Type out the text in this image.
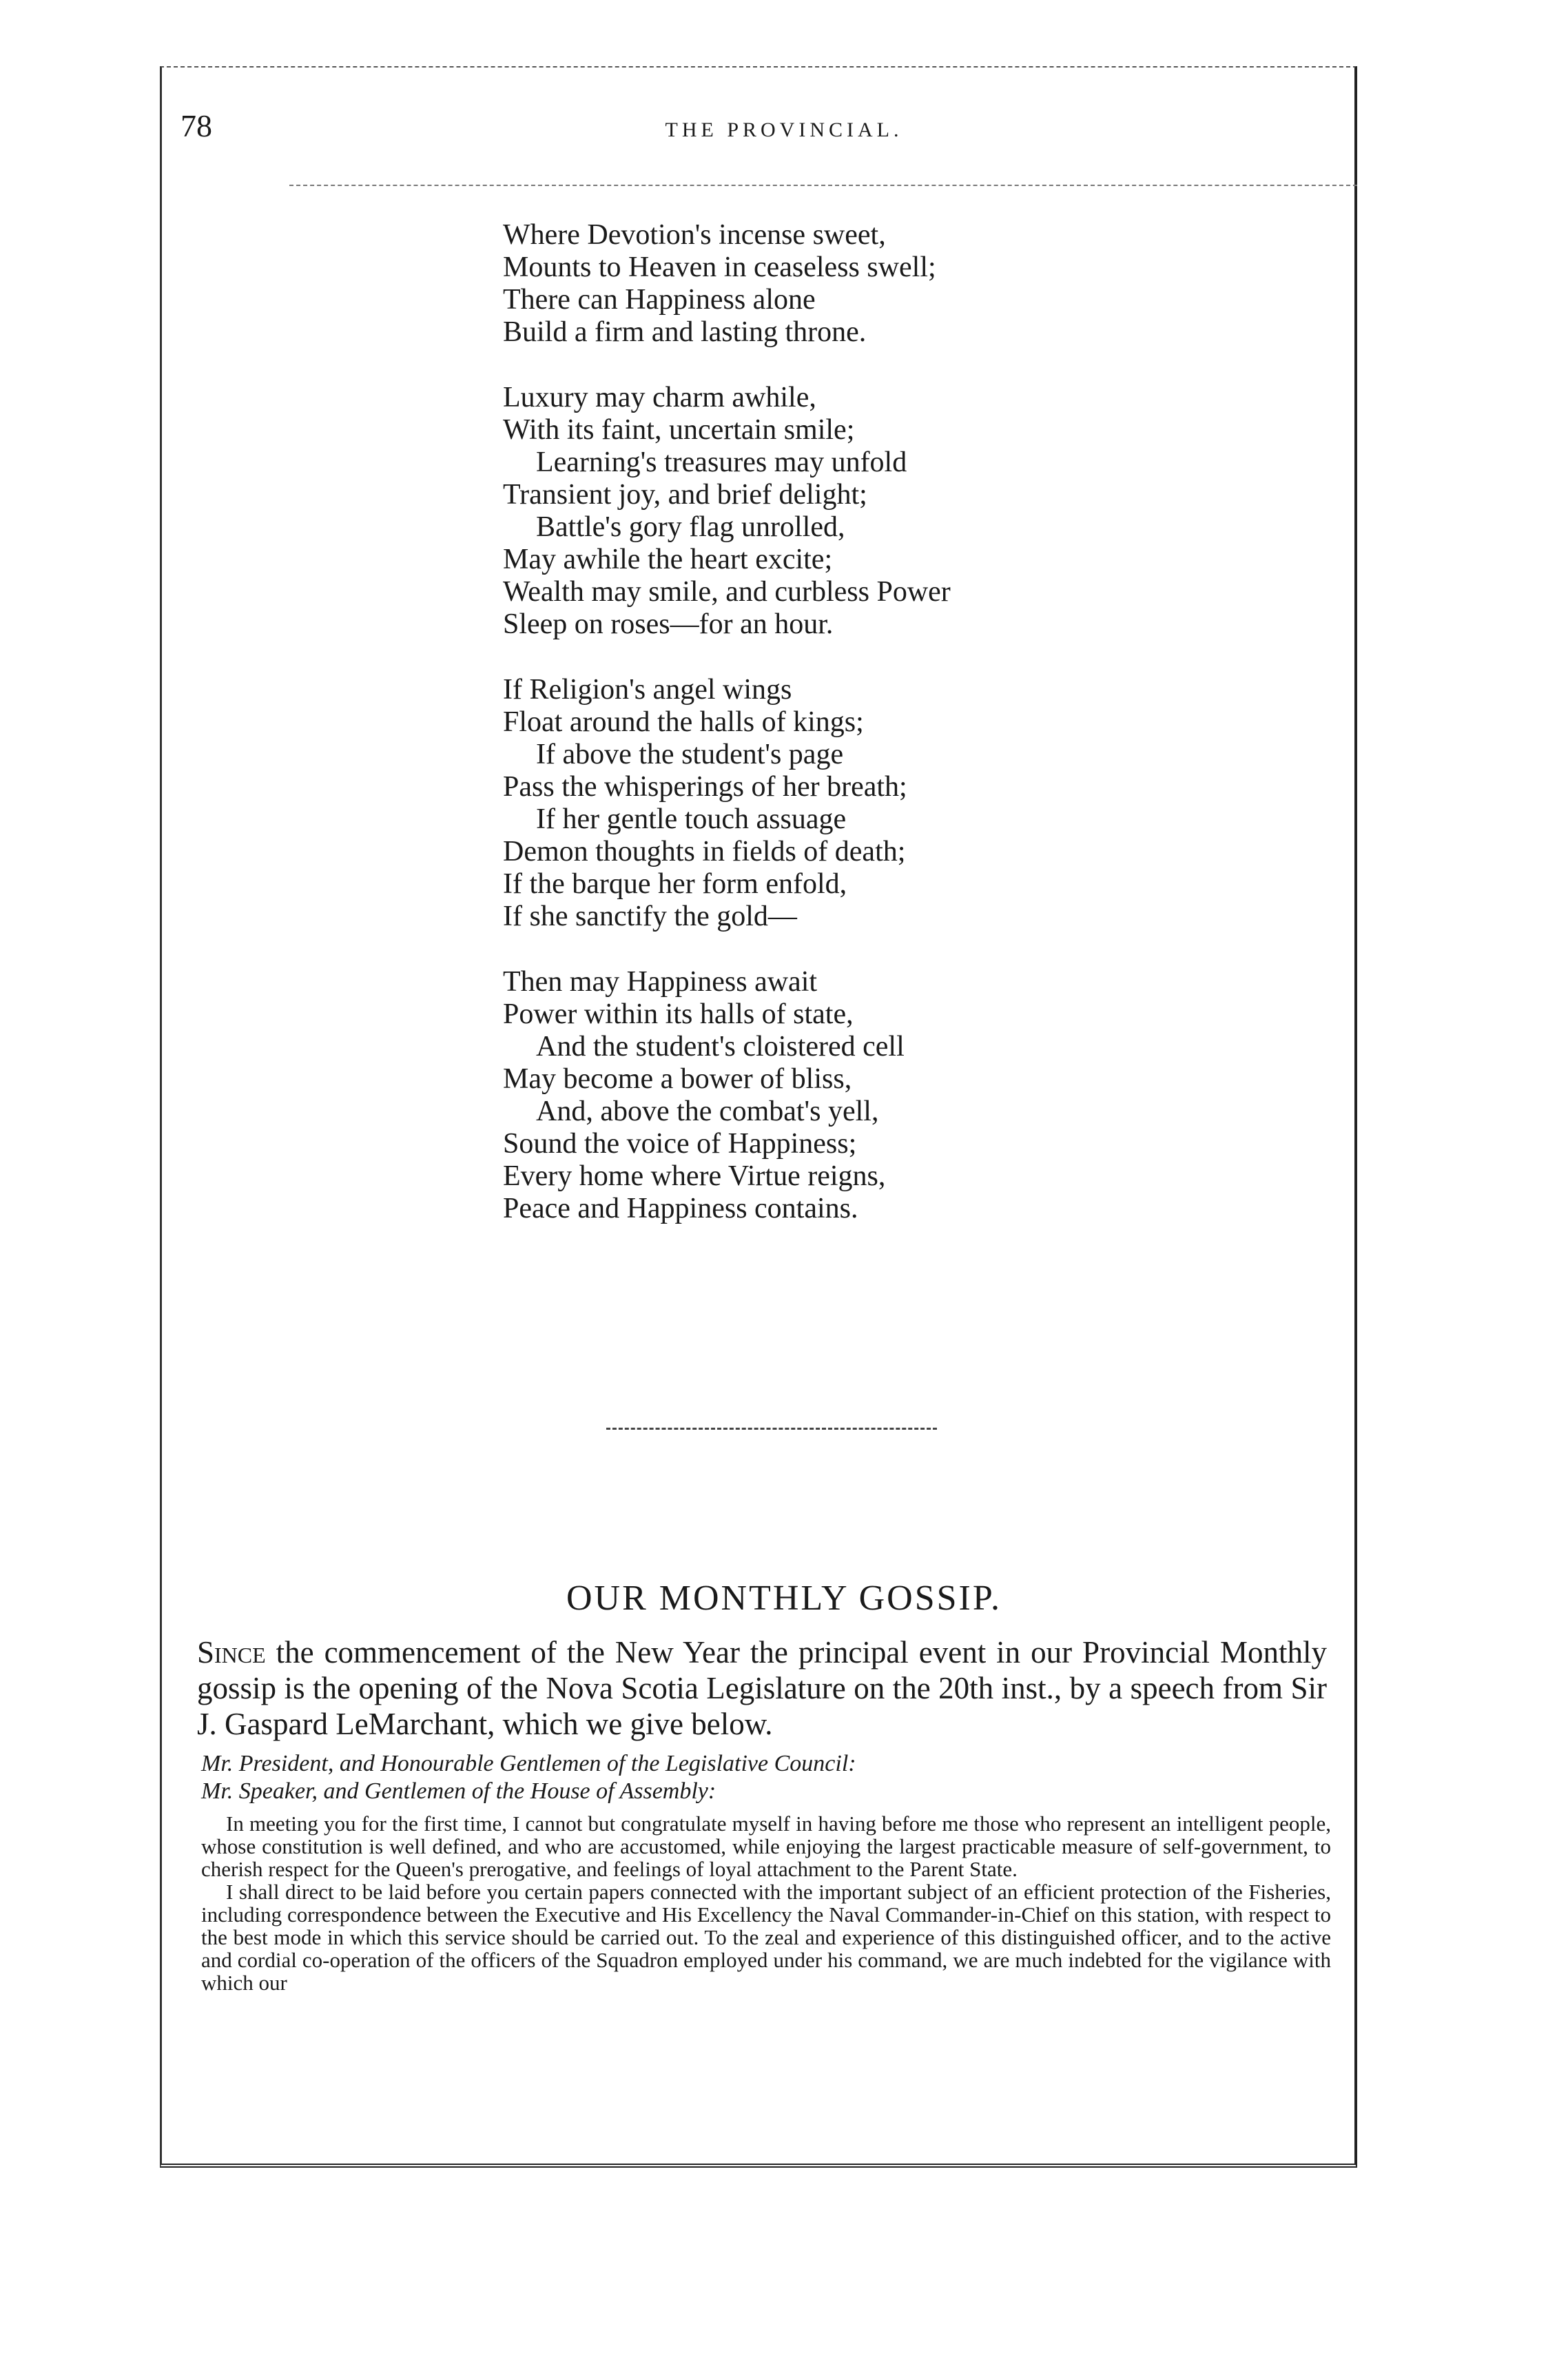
78	THE PROVINCIAL.
Where Devotion's incense sweet,
Mounts to Heaven in ceaseless swell;
There can Happiness alone
Build a firm and lasting throne.
Luxury may charm awhile,
With its faint, uncertain smile;
Learning's treasures may unfold
Transient joy, and brief delight;
Battle's gory flag unrolled,
May awhile the heart excite;
Wealth may smile, and curbless Power
Sleep on roses—for an hour.
If Religion's angel wings
Float around the halls of kings;
If above the student's page
Pass the whisperings of her breath;
If her gentle touch assuage
Demon thoughts in fields of death;
If the barque her form enfold,
If she sanctify the gold—
Then may Happiness await
Power within its halls of state,
And the student's cloistered cell
May become a bower of bliss,
And, above the combat's yell,
Sound the voice of Happiness;
Every home where Virtue reigns,
Peace and Happiness contains.
OUR MONTHLY GOSSIP.
Since the commencement of the New Year the principal event in our Provincial Monthly gossip is the opening of the Nova Scotia Legislature on the 20th inst., by a speech from Sir J. Gaspard LeMarchant, which we give below.
Mr. President, and Honourable Gentlemen of the Legislative Council:
Mr. Speaker, and Gentlemen of the House of Assembly:

In meeting you for the first time, I cannot but congratulate myself in having before me those who represent an intelligent people, whose constitution is well defined, and who are accustomed, while enjoying the largest practicable measure of self-government, to cherish respect for the Queen's prerogative, and feelings of loyal attachment to the Parent State.

I shall direct to be laid before you certain papers connected with the important subject of an efficient protection of the Fisheries, including correspondence between the Executive and His Excellency the Naval Commander-in-Chief on this station, with respect to the best mode in which this service should be carried out. To the zeal and experience of this distinguished officer, and to the active and cordial co-operation of the officers of the Squadron employed under his command, we are much indebted for the vigilance with which our
